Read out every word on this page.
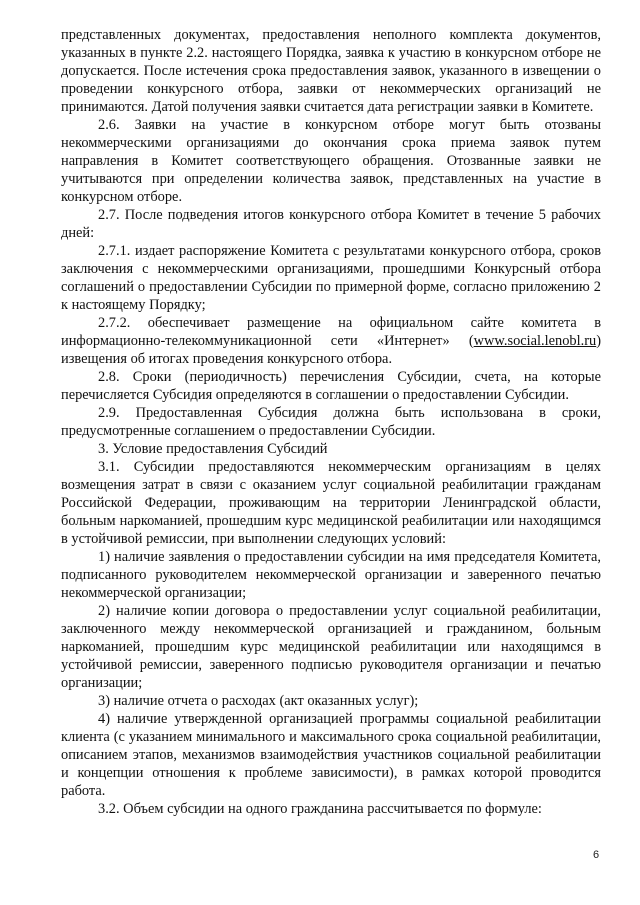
представленных документах, предоставления неполного комплекта документов, указанных в пункте 2.2. настоящего Порядка, заявка к участию в конкурсном отборе не допускается. После истечения срока предоставления заявок, указанного в извещении о проведении конкурсного отбора, заявки от некоммерческих организаций не принимаются. Датой получения заявки считается дата регистрации заявки в Комитете.

2.6. Заявки на участие в конкурсном отборе могут быть отозваны некоммерческими организациями до окончания срока приема заявок путем направления в Комитет соответствующего обращения. Отозванные заявки не учитываются при определении количества заявок, представленных на участие в конкурсном отборе.

2.7. После подведения итогов конкурсного отбора Комитет в течение 5 рабочих дней:

2.7.1. издает распоряжение Комитета с результатами конкурсного отбора, сроков заключения с некоммерческими организациями, прошедшими Конкурсный отбора соглашений о предоставлении Субсидии по примерной форме, согласно приложению 2 к настоящему Порядку;

2.7.2. обеспечивает размещение на официальном сайте комитета в информационно-телекоммуникационной сети «Интернет» (www.social.lenobl.ru) извещения об итогах проведения конкурсного отбора.

2.8. Сроки (периодичность) перечисления Субсидии, счета, на которые перечисляется Субсидия определяются в соглашении о предоставлении Субсидии.

2.9. Предоставленная Субсидия должна быть использована в сроки, предусмотренные соглашением о предоставлении Субсидии.

3. Условие предоставления Субсидий

3.1. Субсидии предоставляются некоммерческим организациям в целях возмещения затрат в связи с оказанием услуг социальной реабилитации гражданам Российской Федерации, проживающим на территории Ленинградской области, больным наркоманией, прошедшим курс медицинской реабилитации или находящимся в устойчивой ремиссии, при выполнении следующих условий:

1) наличие заявления о предоставлении субсидии на имя председателя Комитета, подписанного руководителем некоммерческой организации и заверенного печатью некоммерческой организации;

2) наличие копии договора о предоставлении услуг социальной реабилитации, заключенного между некоммерческой организацией и гражданином, больным наркоманией, прошедшим курс медицинской реабилитации или находящимся в устойчивой ремиссии, заверенного подписью руководителя организации и печатью организации;

3) наличие отчета о расходах (акт оказанных услуг);

4) наличие утвержденной организацией программы социальной реабилитации клиента (с указанием минимального и максимального срока социальной реабилитации, описанием этапов, механизмов взаимодействия участников социальной реабилитации и концепции отношения к проблеме зависимости), в рамках которой проводится работа.

3.2. Объем субсидии на одного гражданина рассчитывается по формуле:

6
